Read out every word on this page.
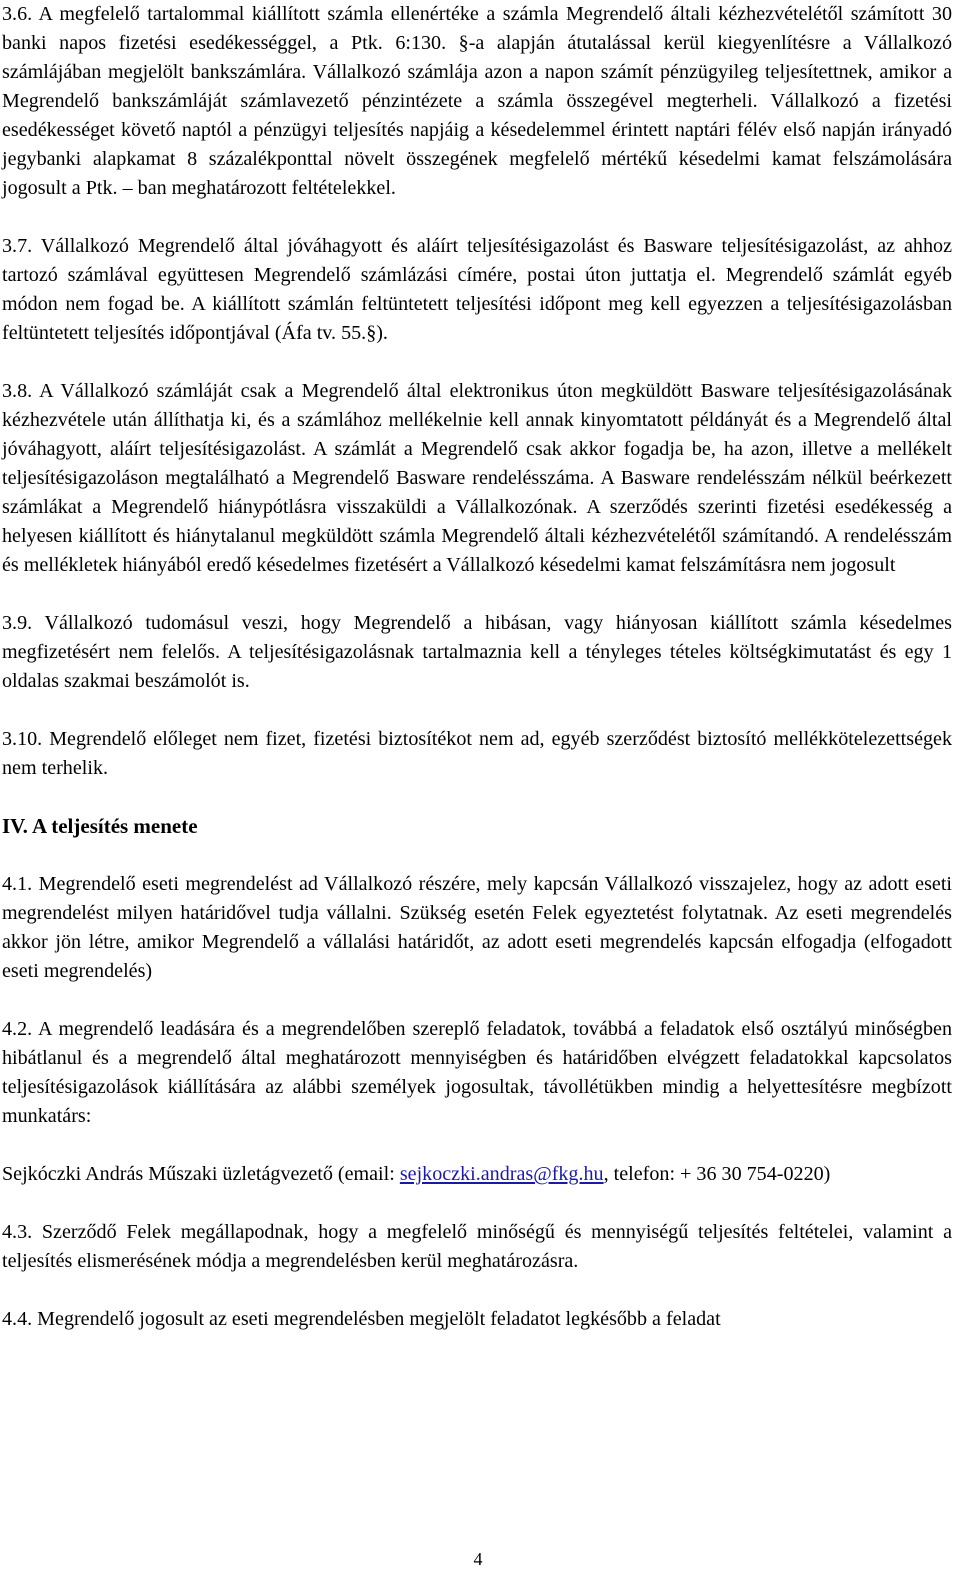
3.6. A megfelelő tartalommal kiállított számla ellenértéke a számla Megrendelő általi kézhezvételétől számított 30 banki napos fizetési esedékességgel, a Ptk. 6:130. §-a alapján átutalással kerül kiegyenlítésre a Vállalkozó számlájában megjelölt bankszámlára. Vállalkozó számlája azon a napon számít pénzügyileg teljesítettnek, amikor a Megrendelő bankszámláját számlavezető pénzintézete a számla összegével megterheli. Vállalkozó a fizetési esedékességet követő naptól a pénzügyi teljesítés napjáig a késedelemmel érintett naptári félév első napján irányadó jegybanki alapkamat 8 százalékponttal növelt összegének megfelelő mértékű késedelmi kamat felszámolására jogosult a Ptk. – ban meghatározott feltételekkel.

3.7. Vállalkozó Megrendelő által jóváhagyott és aláírt teljesítésigazolást és Basware teljesítésigazolást, az ahhoz tartozó számlával együttesen Megrendelő számlázási címére, postai úton juttatja el. Megrendelő számlát egyéb módon nem fogad be. A kiállított számlán feltüntetett teljesítési időpont meg kell egyezzen a teljesítésigazolásban feltüntetett teljesítés időpontjával (Áfa tv. 55.§).

3.8. A Vállalkozó számláját csak a Megrendelő által elektronikus úton megküldött Basware teljesítésigazolásának kézhezvétele után állíthatja ki, és a számlához mellékelnie kell annak kinyomtatott példányát és a Megrendelő által jóváhagyott, aláírt teljesítésigazolást. A számlát a Megrendelő csak akkor fogadja be, ha azon, illetve a mellékelt teljesítésigazoláson megtalálható a Megrendelő Basware rendelésszáma. A Basware rendelésszám nélkül beérkezett számlákat a Megrendelő hiánypótlásra visszaküldi a Vállalkozónak. A szerződés szerinti fizetési esedékesség a helyesen kiállított és hiánytalanul megküldött számla Megrendelő általi kézhezvételétől számítandó. A rendelésszám és mellékletek hiányából eredő késedelmes fizetésért a Vállalkozó késedelmi kamat felszámításra nem jogosult

3.9. Vállalkozó tudomásul veszi, hogy Megrendelő a hibásan, vagy hiányosan kiállított számla késedelmes megfizetésért nem felelős. A teljesítésigazolásnak tartalmaznia kell a tényleges tételes költségkimutatást és egy 1 oldalas szakmai beszámolót is.

3.10. Megrendelő előleget nem fizet, fizetési biztosítékot nem ad, egyéb szerződést biztosító mellékkötelezettségek nem terhelik.

IV. A teljesítés menete

4.1. Megrendelő eseti megrendelést ad Vállalkozó részére, mely kapcsán Vállalkozó visszajelez, hogy az adott eseti megrendelést milyen határidővel tudja vállalni. Szükség esetén Felek egyeztetést folytatnak. Az eseti megrendelés akkor jön létre, amikor Megrendelő a vállalási határidőt, az adott eseti megrendelés kapcsán elfogadja (elfogadott eseti megrendelés)

4.2. A megrendelő leadására és a megrendelőben szereplő feladatok, továbbá a feladatok első osztályú minőségben hibátlanul és a megrendelő által meghatározott mennyiségben és határidőben elvégzett feladatokkal kapcsolatos teljesítésigazolások kiállítására az alábbi személyek jogosultak, távollétükben mindig a helyettesítésre megbízott munkatárs:

Sejkóczki András Műszaki üzletágvezető (email: sejkoczki.andras@fkg.hu, telefon: + 36 30 754-0220)

4.3. Szerződő Felek megállapodnak, hogy a megfelelő minőségű és mennyiségű teljesítés feltételei, valamint a teljesítés elismerésének módja a megrendelésben kerül meghatározásra.

4.4. Megrendelő jogosult az eseti megrendelésben megjelölt feladatot legkésőbb a feladat

4
